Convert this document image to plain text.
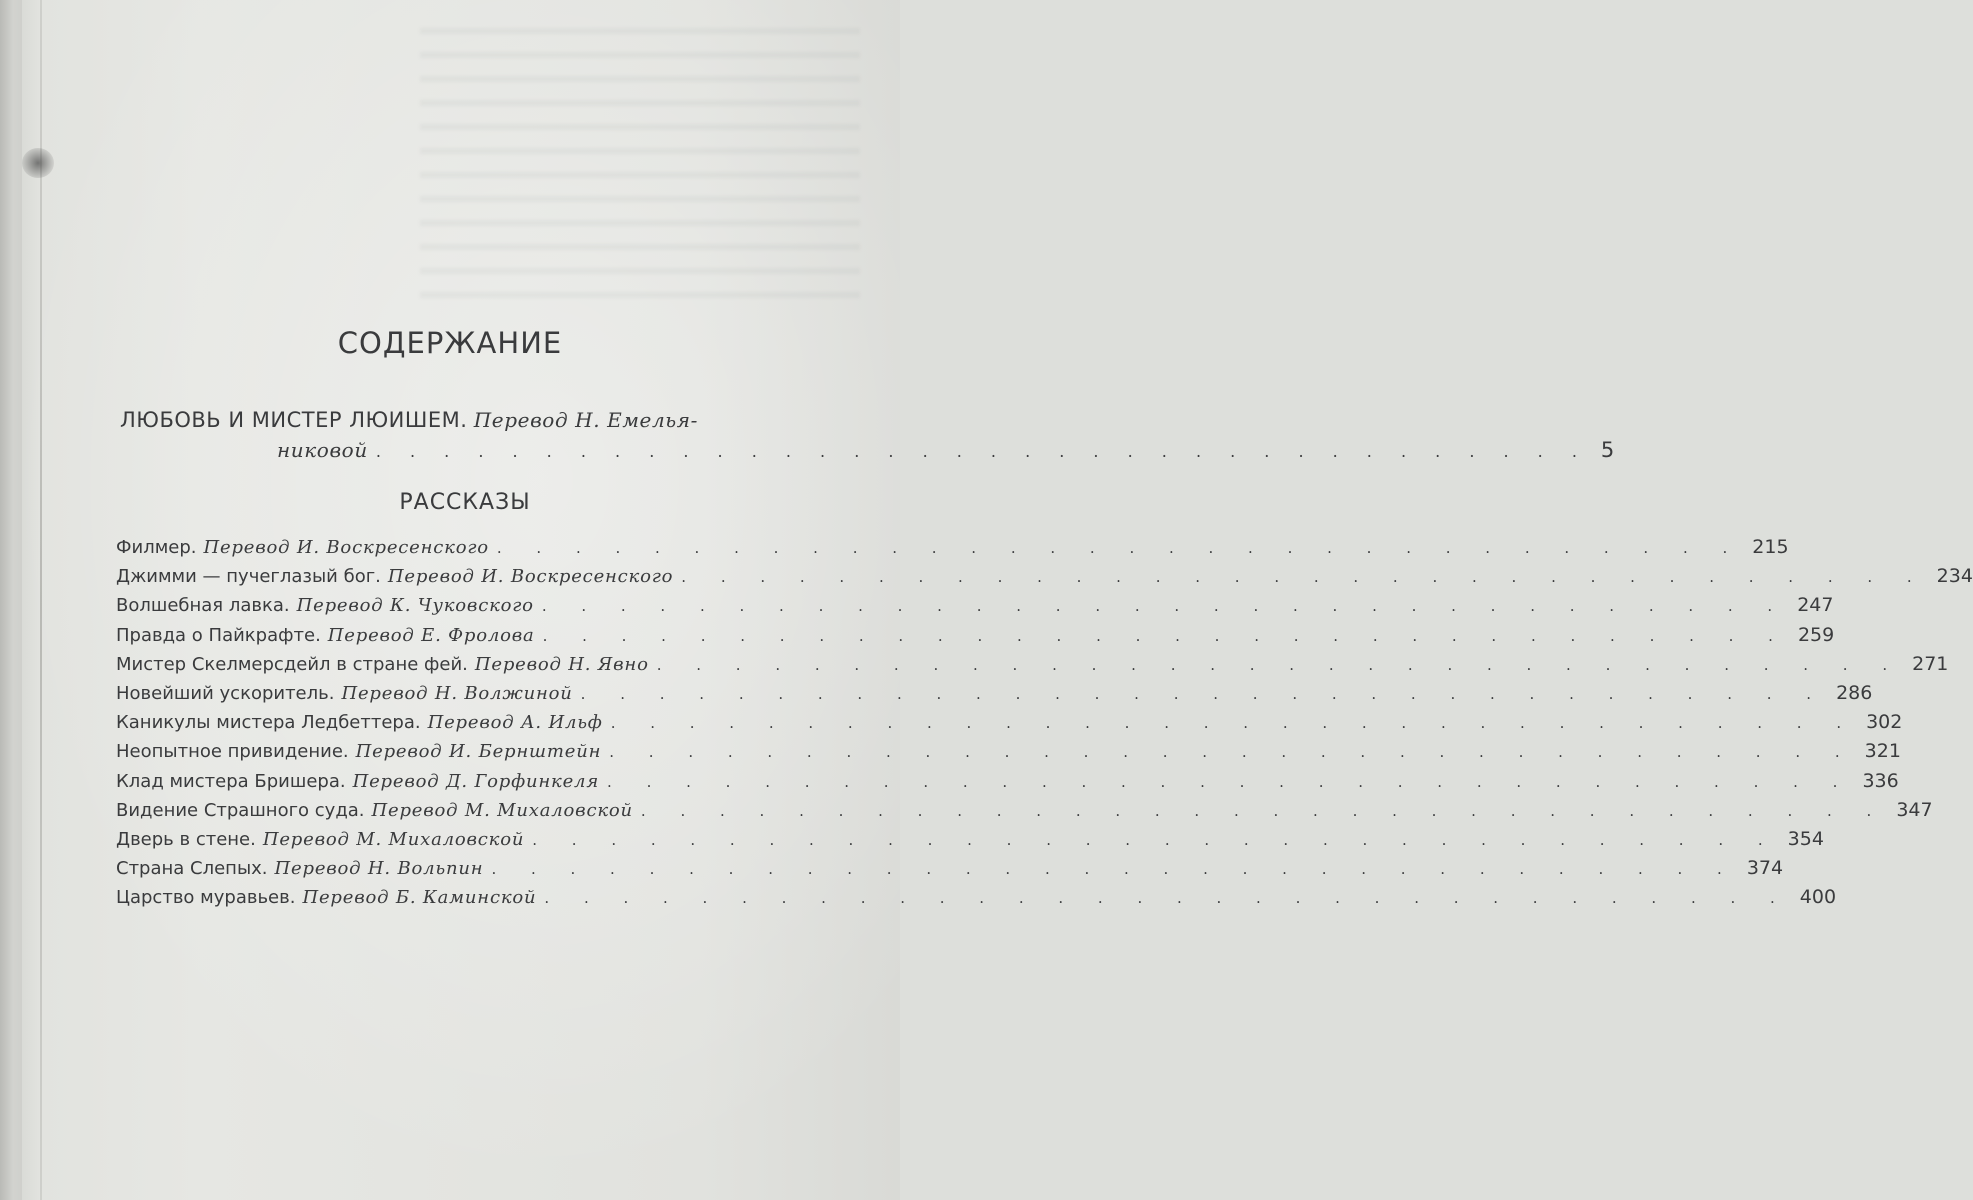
СОДЕРЖАНИЕ
ЛЮБОВЬ И МИСТЕР ЛЮИШЕМ. Перевод Н. Емелья-
никовой . . . . . . . . . . . . . . . . . . . . . . . . . . . . . . . . . . . . 5
РАССКАЗЫ
Филмер. Перевод И. Воскресенского . . . . . . . . . . . . . . . . . . . . . . . . . . . . . . . . 215
Джимми — пучеглазый бог. Перевод И. Воскресенского . . . . . . . . . . . . . . . . . . . . . . . . . . . . . . . . 234
Волшебная лавка. Перевод К. Чуковского . . . . . . . . . . . . . . . . . . . . . . . . . . . . . . . . 247
Правда о Пайкрафте. Перевод Е. Фролова . . . . . . . . . . . . . . . . . . . . . . . . . . . . . . . . 259
Мистер Скелмерсдейл в стране фей. Перевод Н. Явно . . . . . . . . . . . . . . . . . . . . . . . . . . . . . . . . 271
Новейший ускоритель. Перевод Н. Волжиной . . . . . . . . . . . . . . . . . . . . . . . . . . . . . . . . 286
Каникулы мистера Ледбеттера. Перевод А. Ильф . . . . . . . . . . . . . . . . . . . . . . . . . . . . . . . . 302
Неопытное привидение. Перевод И. Бернштейн . . . . . . . . . . . . . . . . . . . . . . . . . . . . . . . . 321
Клад мистера Бришера. Перевод Д. Горфинкеля . . . . . . . . . . . . . . . . . . . . . . . . . . . . . . . . 336
Видение Страшного суда. Перевод М. Михаловской . . . . . . . . . . . . . . . . . . . . . . . . . . . . . . . . 347
Дверь в стене. Перевод М. Михаловской . . . . . . . . . . . . . . . . . . . . . . . . . . . . . . . . 354
Страна Слепых. Перевод Н. Вольпин . . . . . . . . . . . . . . . . . . . . . . . . . . . . . . . . 374
Царство муравьев. Перевод Б. Каминской . . . . . . . . . . . . . . . . . . . . . . . . . . . . . . . . 400
